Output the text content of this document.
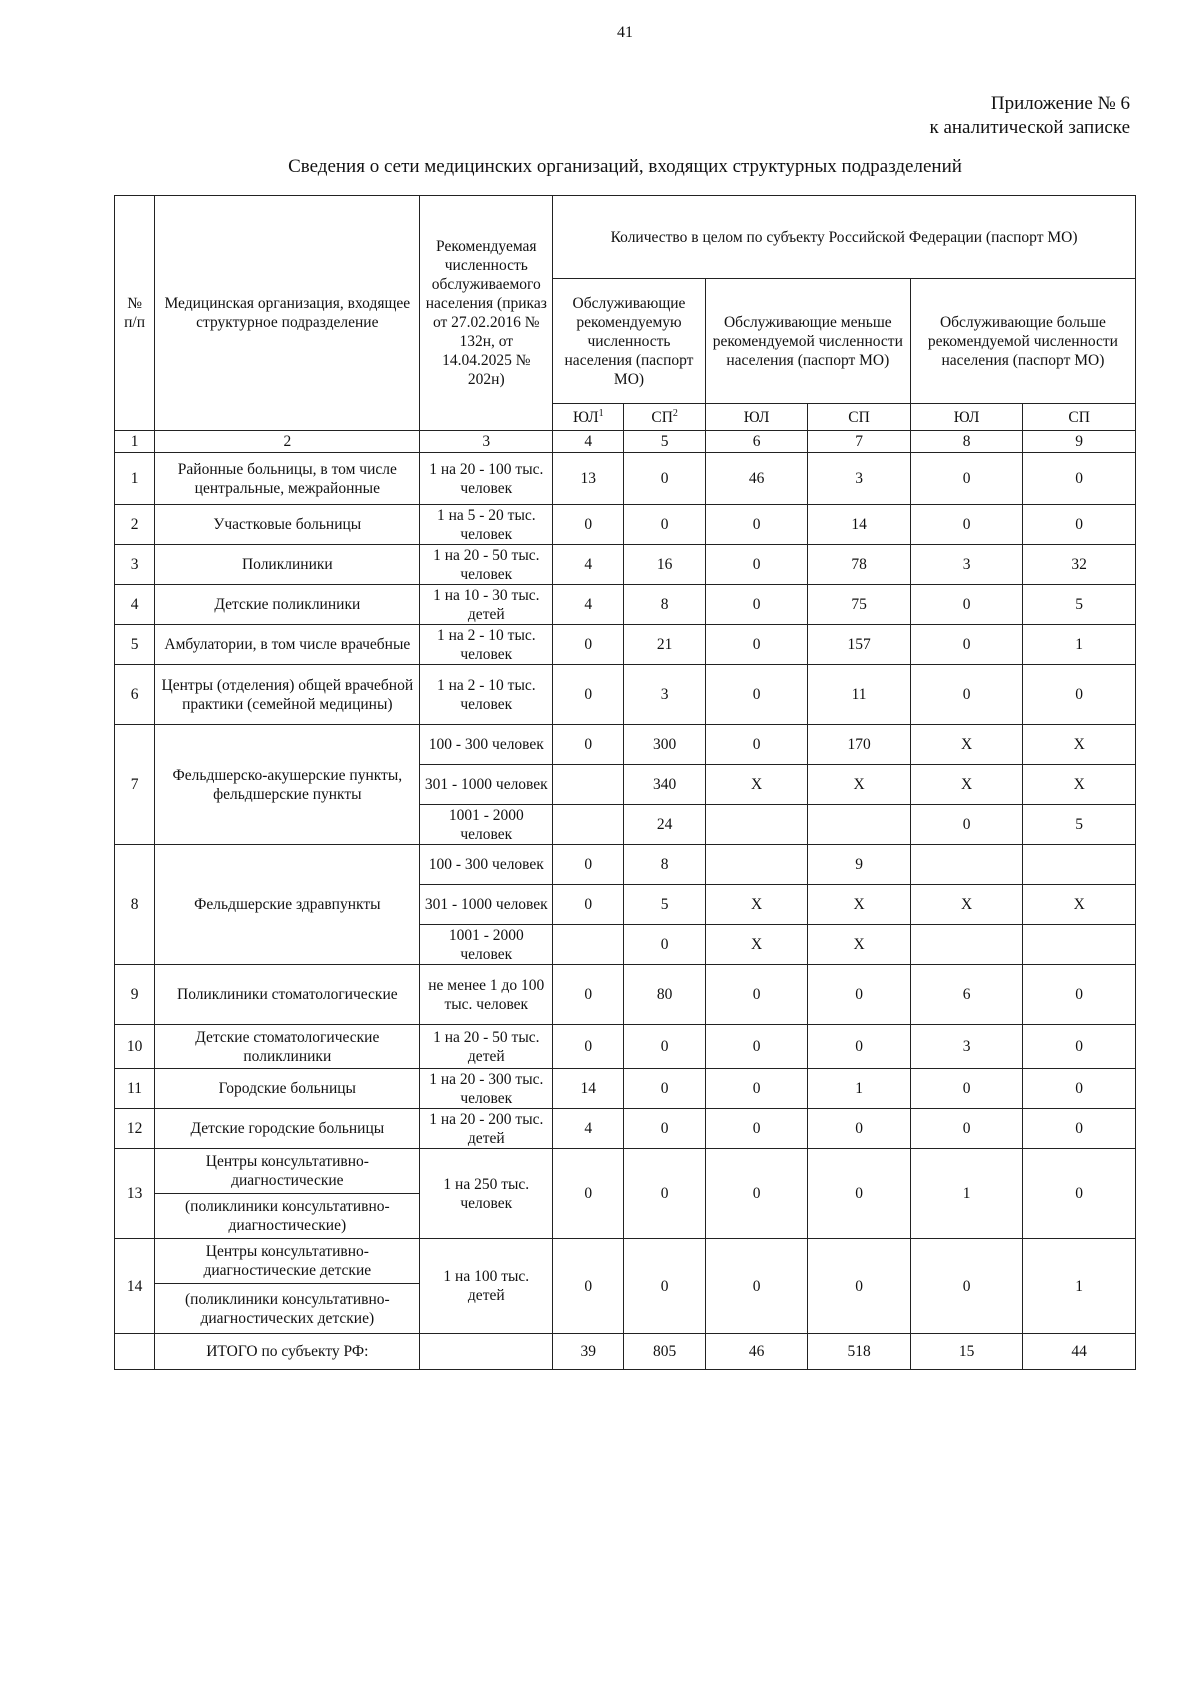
41
Приложение № 6
к аналитической записке
Сведения о сети медицинских организаций, входящих структурных подразделений
№ п/п	Медицинская организация, входящее структурное подразделение	Рекомендуемая численность обслуживаемого населения (приказ от 27.02.2016 № 132н, от 14.04.2025 № 202н)	Количество в целом по субъекту Российской Федерации (паспорт МО)					
			Обслуживающие рекомендуемую численность населения (паспорт МО)		Обслуживающие меньше рекомендуемой численности населения (паспорт МО)		Обслуживающие больше рекомендуемой численности населения (паспорт МО)	
			$ЮЛ^1$	$СП^2$	ЮЛ	СП	ЮЛ	СП
1	2	3	4	5	6	7	8	9
1	Районные больницы, в том числе центральные, межрайонные	1 на 20 - 100 тыс. человек	13	0	46	3	0	0
2	Участковые больницы	1 на 5 - 20 тыс. человек	0	0	0	14	0	0
3	Поликлиники	1 на 20 - 50 тыс. человек	4	16	0	78	3	32
4	Детские поликлиники	1 на 10 - 30 тыс. детей	4	8	0	75	0	5
5	Амбулатории, в том числе врачебные	1 на 2 - 10 тыс. человек	0	21	0	157	0	1
6	Центры (отделения) общей врачебной практики (семейной медицины)	1 на 2 - 10 тыс. человек	0	3	0	11	0	0
7	Фельдшерско-акушерские пункты, фельдшерские пункты	100 - 300 человек	0	300	0	170	X	X
		301 - 1000 человек		340	X	X	X	X
		1001 - 2000 человек		24			0	5
8	Фельдшерские здравпункты	100 - 300 человек	0	8		9		
		301 - 1000 человек	0	5	X	X	X	X
		1001 - 2000 человек		0	X	X		
9	Поликлиники стоматологические	не менее 1 до 100 тыс. человек	0	80	0	0	6	0
10	Детские стоматологические поликлиники	1 на 20 - 50 тыс. детей	0	0	0	0	3	0
11	Городские больницы	1 на 20 - 300 тыс. человек	14	0	0	1	0	0
12	Детские городские больницы	1 на 20 - 200 тыс. детей	4	0	0	0	0	0
13	Центры консультативно-диагностические	1 на 250 тыс. человек	0	0	0	0	1	0
	(поликлиники консультативно-диагностические)							
14	Центры консультативно-диагностические детские	1 на 100 тыс. детей	0	0	0	0	0	1
	(поликлиники консультативно-диагностических детские)							
	ИТОГО по субъекту РФ:		39	805	46	518	15	44
